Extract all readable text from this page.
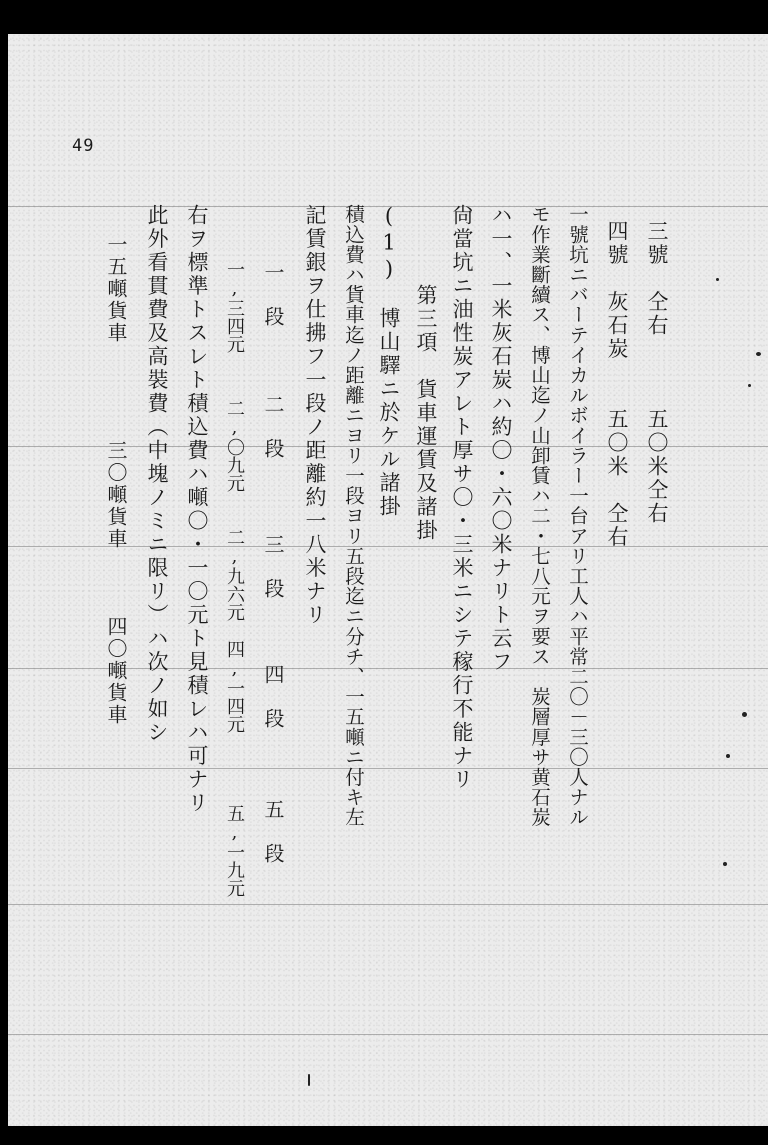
49
三號　仝右　　　五〇米仝右
四號　灰石炭　　五〇米　仝右
一號坑ニバーテイカルボイラー一台アリ工人ハ平常二〇－三〇人ナル
モ作業斷續ス、博山迄ノ山卸賃ハ二・七八元ヲ要ス　炭層厚サ黄石炭
ハ一、一米灰石炭ハ約〇・六〇米ナリト云フ
尙當坑ニ油性炭アレト厚サ〇・三米ニシテ稼行不能ナリ
第三項　貨車運賃及諸掛
(1)　博山驛ニ於ケル諸掛
積込費ハ貨車迄ノ距離ニヨリ一段ヨリ五段迄ニ分チ、一五噸ニ付キ左
記賃銀ヲ仕拂フ一段ノ距離約一八米ナリ
一　段
二　段
三　段
四　段
五　段
一,三四元
二,〇九元
二,九六元
四,一四元
五,一九元
右ヲ標準トスレト積込費ハ噸〇・一〇元ト見積レハ可ナリ
此外看貫費及高裝費（中塊ノミニ限リ）ハ次ノ如シ
一五噸貨車
三〇噸貨車
四〇噸貨車
